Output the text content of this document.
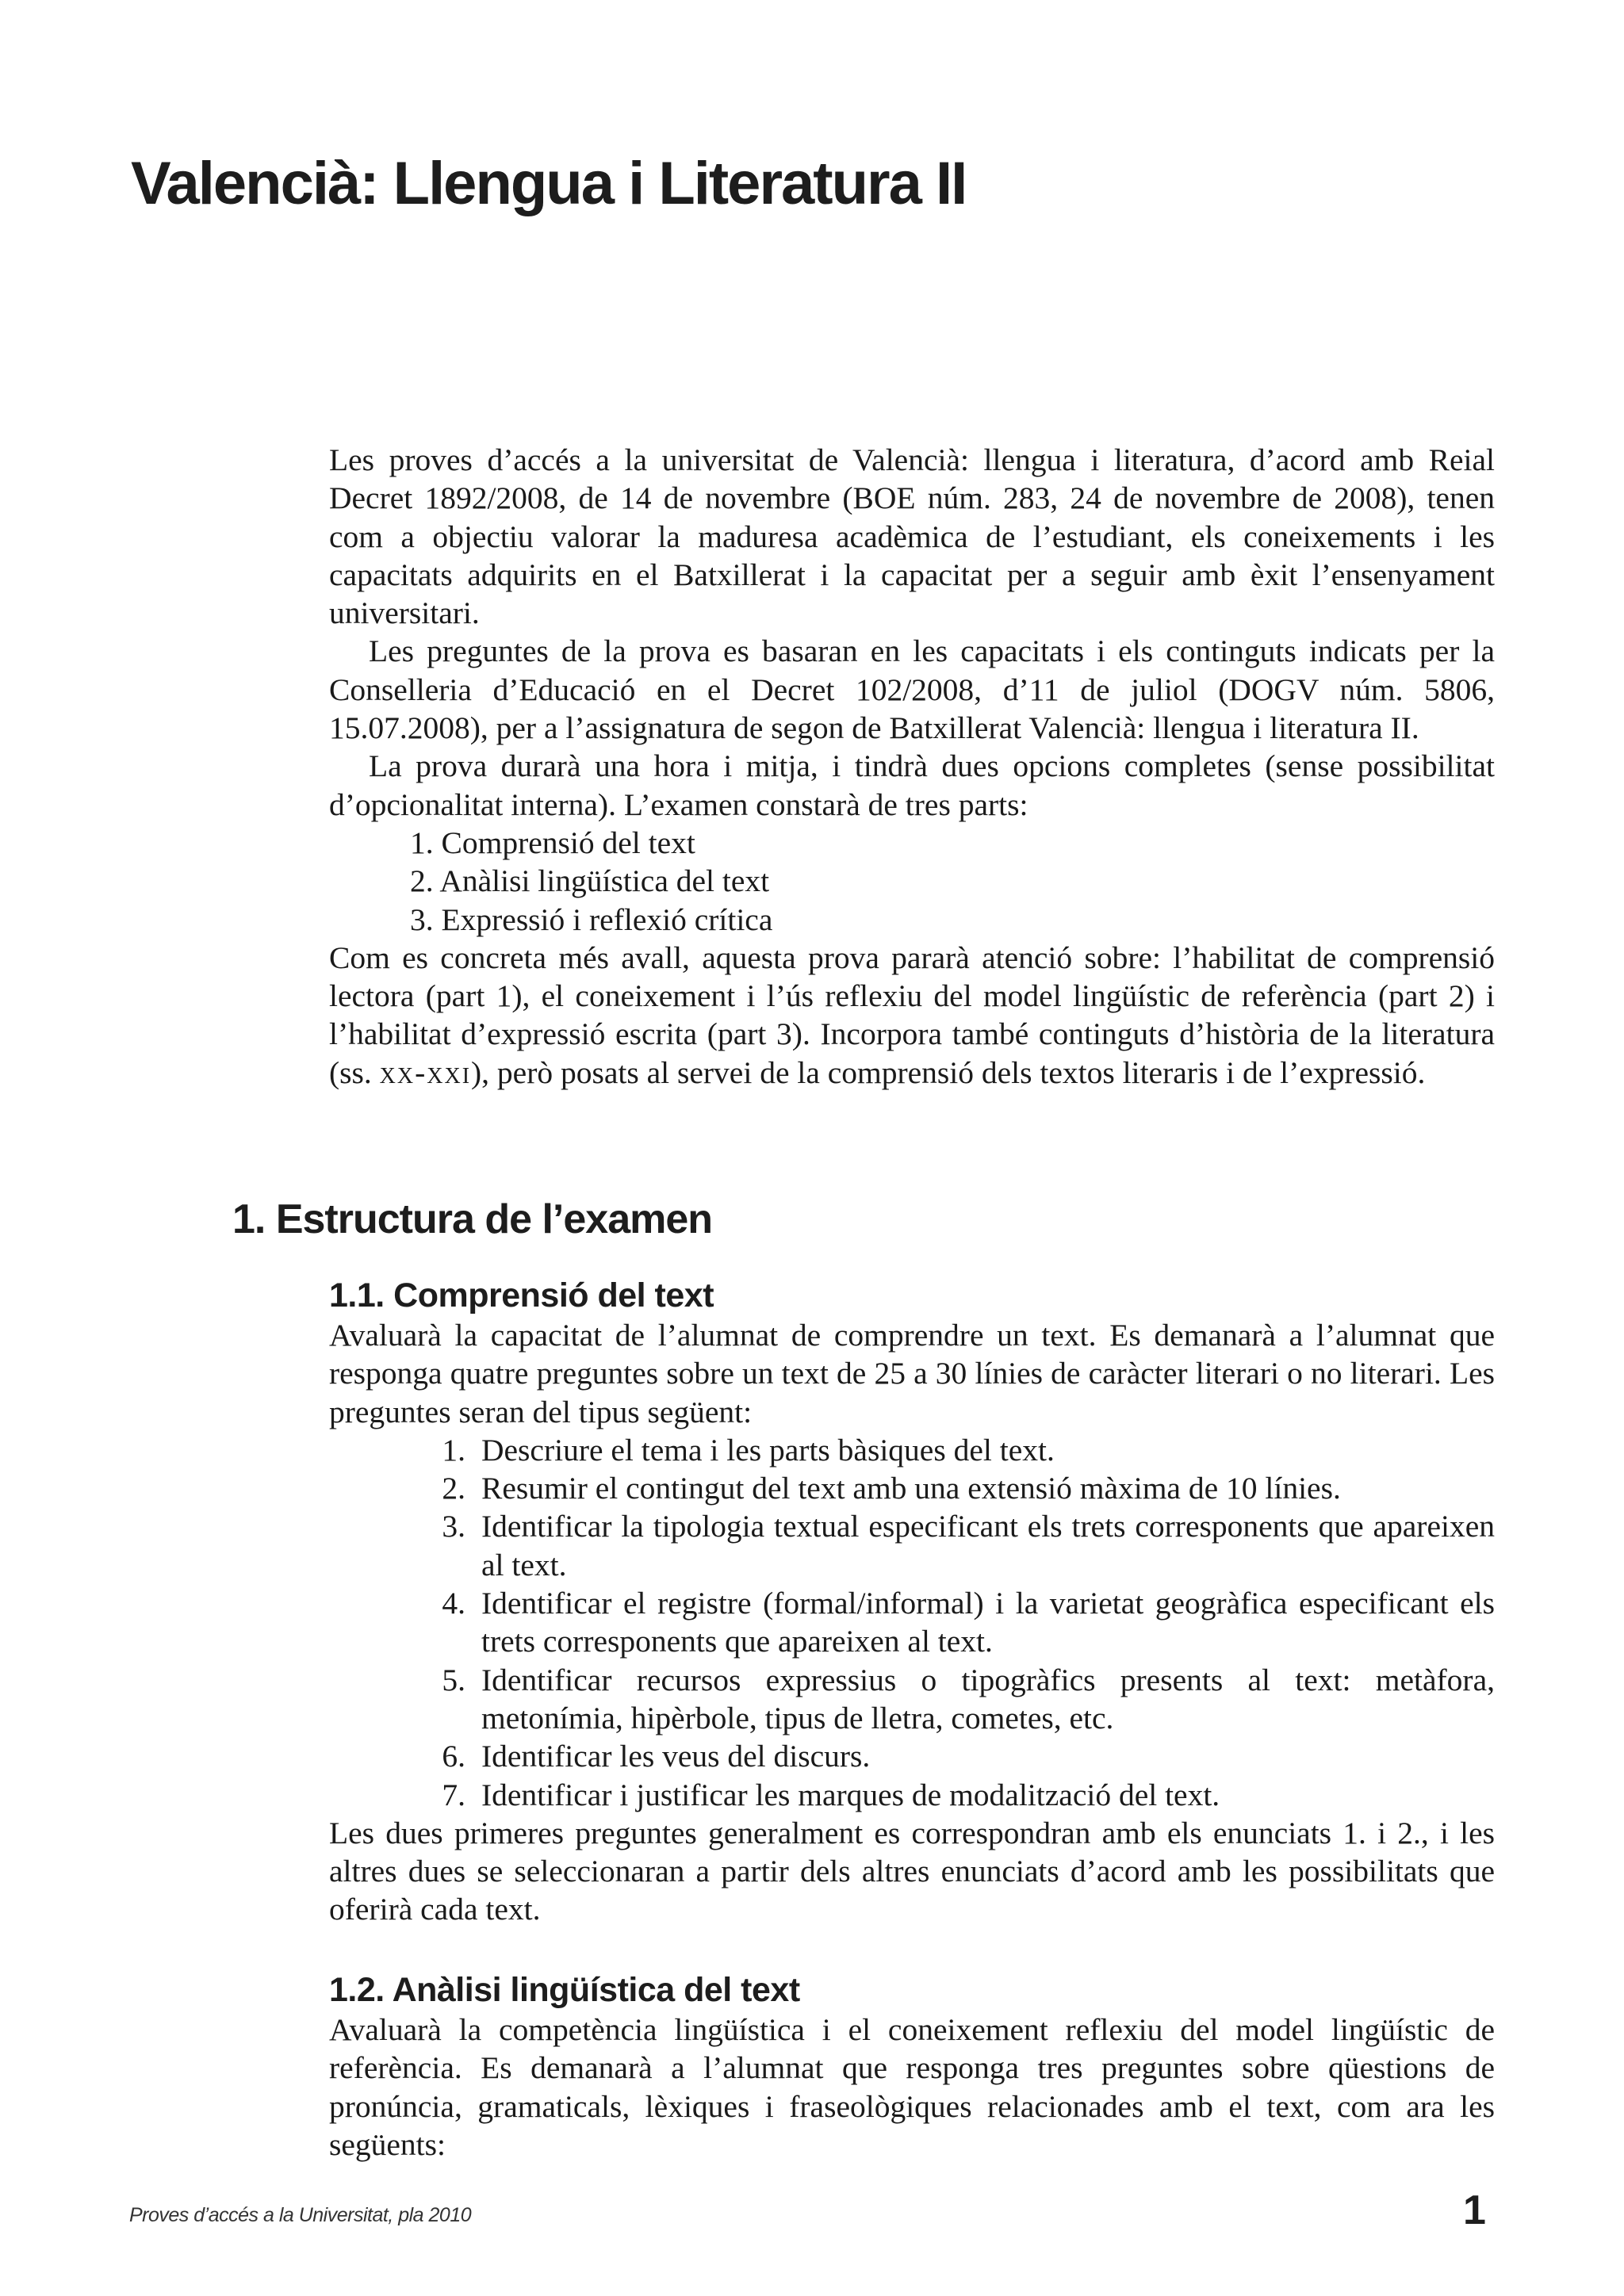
Valencià: Llengua i Literatura II

Les proves d’accés a la universitat de Valencià: llengua i literatura, d’acord amb Reial Decret 1892/2008, de 14 de novembre (BOE núm. 283, 24 de novembre de 2008), tenen com a objectiu valorar la maduresa acadèmica de l’estudiant, els coneixements i les capacitats adquirits en el Batxillerat i la capacitat per a seguir amb èxit l’ensenyament universitari.

Les preguntes de la prova es basaran en les capacitats i els continguts indicats per la Conselleria d’Educació en el Decret 102/2008, d’11 de juliol (DOGV núm. 5806, 15.07.2008), per a l’assignatura de segon de Batxillerat Valencià: llengua i literatura II.

La prova durarà una hora i mitja, i tindrà dues opcions completes (sense possibilitat d’opcionalitat interna). L’examen constarà de tres parts:

1. Comprensió del text
2. Anàlisi lingüística del text
3. Expressió i reflexió crítica

Com es concreta més avall, aquesta prova pararà atenció sobre: l’habilitat de comprensió lectora (part 1), el coneixement i l’ús reflexiu del model lingüístic de referència (part 2) i l’habilitat d’expressió escrita (part 3). Incorpora també continguts d’història de la literatura (ss. xx-xxi), però posats al servei de la comprensió dels textos literaris i de l’expressió.

1. Estructura de l’examen
1.1. Comprensió del text

Avaluarà la capacitat de l’alumnat de comprendre un text. Es demanarà a l’alumnat que responga quatre preguntes sobre un text de 25 a 30 línies de caràcter literari o no literari. Les preguntes seran del tipus següent:

1. Descriure el tema i les parts bàsiques del text.
2. Resumir el contingut del text amb una extensió màxima de 10 línies.
3. Identificar la tipologia textual especificant els trets corresponents que apareixen al text.
4. Identificar el registre (formal/informal) i la varietat geogràfica especificant els trets corresponents que apareixen al text.
5. Identificar recursos expressius o tipogràfics presents al text: metàfora, metonímia, hipèrbole, tipus de lletra, cometes, etc.
6. Identificar les veus del discurs.
7. Identificar i justificar les marques de modalització del text.

Les dues primeres preguntes generalment es correspondran amb els enunciats 1. i 2., i les altres dues se seleccionaran a partir dels altres enunciats d’acord amb les possibilitats que oferirà cada text.

1.2. Anàlisi lingüística del text

Avaluarà la competència lingüística i el coneixement reflexiu del model lingüístic de referència. Es demanarà a l’alumnat que responga tres preguntes sobre qüestions de pronúncia, gramaticals, lèxiques i fraseològiques relacionades amb el text, com ara les següents:

Proves d’accés a la Universitat, pla 2010	1
